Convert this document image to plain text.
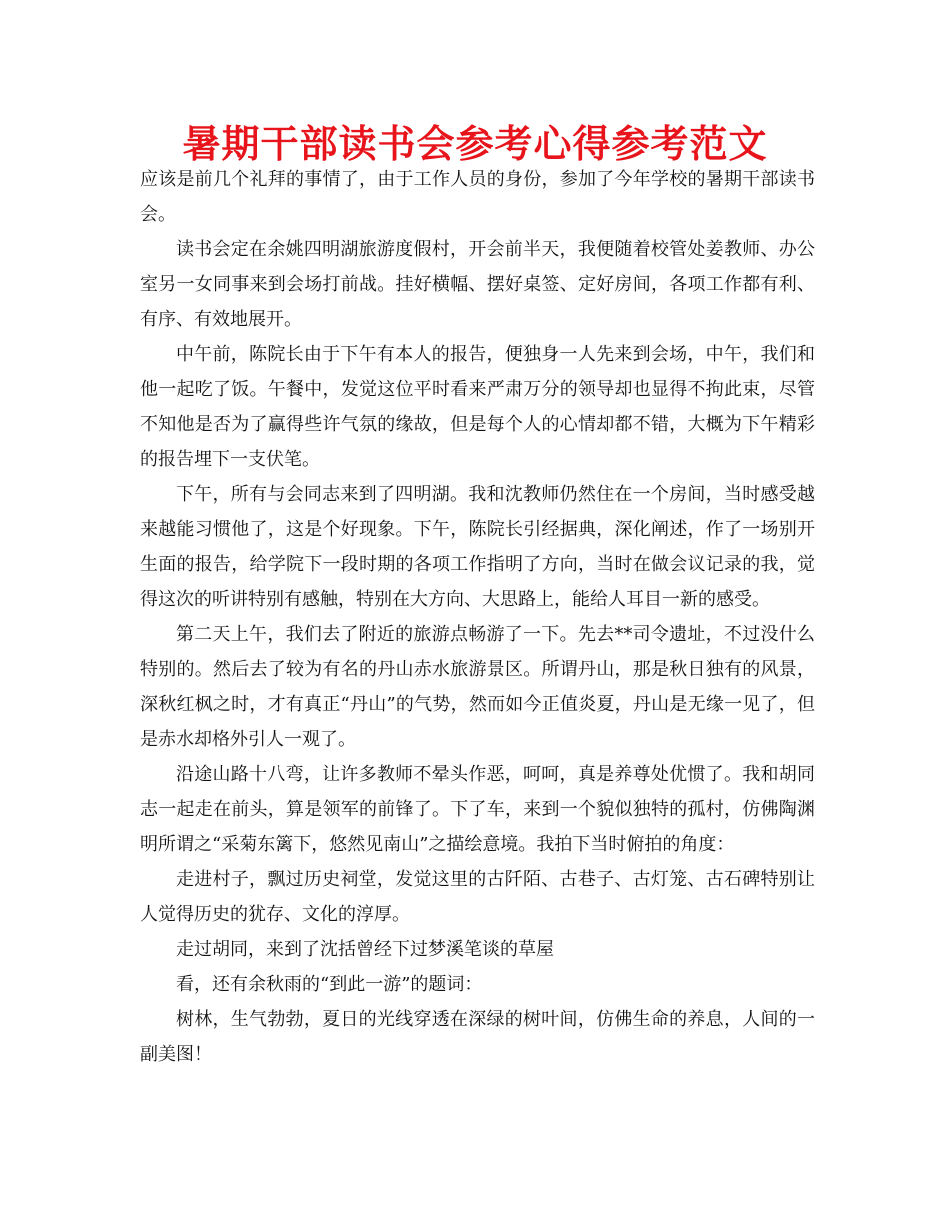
暑期干部读书会参考心得参考范文

应该是前几个礼拜的事情了，由于工作人员的身份，参加了今年学校的暑期干部读书会。

读书会定在余姚四明湖旅游度假村，开会前半天，我便随着校管处姜教师、办公室另一女同事来到会场打前战。挂好横幅、摆好桌签、定好房间，各项工作都有利、有序、有效地展开。

中午前，陈院长由于下午有本人的报告，便独身一人先来到会场，中午，我们和他一起吃了饭。午餐中，发觉这位平时看来严肃万分的领导却也显得不拘此束，尽管不知他是否为了赢得些许气氛的缘故，但是每个人的心情却都不错，大概为下午精彩的报告埋下一支伏笔。

下午，所有与会同志来到了四明湖。我和沈教师仍然住在一个房间，当时感受越来越能习惯他了，这是个好现象。下午，陈院长引经据典，深化阐述，作了一场别开生面的报告，给学院下一段时期的各项工作指明了方向，当时在做会议记录的我，觉得这次的听讲特别有感触，特别在大方向、大思路上，能给人耳目一新的感受。

第二天上午，我们去了附近的旅游点畅游了一下。先去**司令遗址，不过没什么特别的。然后去了较为有名的丹山赤水旅游景区。所谓丹山，那是秋日独有的风景，深秋红枫之时，才有真正“丹山”的气势，然而如今正值炎夏，丹山是无缘一见了，但是赤水却格外引人一观了。

沿途山路十八弯，让许多教师不晕头作恶，呵呵，真是养尊处优惯了。我和胡同志一起走在前头，算是领军的前锋了。下了车，来到一个貌似独特的孤村，仿佛陶渊明所谓之“采菊东篱下，悠然见南山”之描绘意境。我拍下当时俯拍的角度：

走进村子，飘过历史祠堂，发觉这里的古阡陌、古巷子、古灯笼、古石碑特别让人觉得历史的犹存、文化的淳厚。

走过胡同，来到了沈括曾经下过梦溪笔谈的草屋

看，还有余秋雨的“到此一游”的题词：

树林，生气勃勃，夏日的光线穿透在深绿的树叶间，仿佛生命的养息，人间的一副美图！
